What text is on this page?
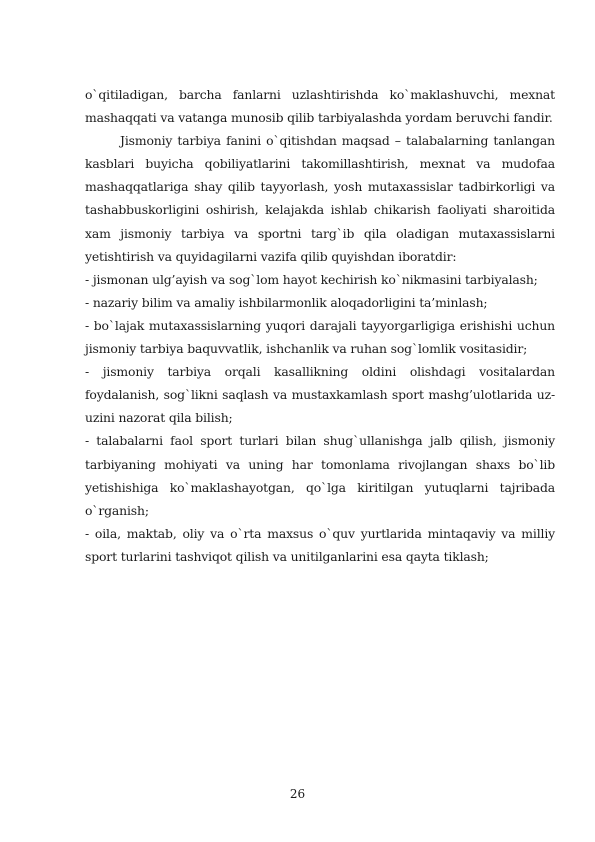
o`qitiladigan, barcha fanlarni uzlashtirishda ko`maklashuvchi, mexnat mashaqqati va vatanga munosib qilib tarbiyalashda yordam beruvchi fandir.

Jismoniy tarbiya fanini o`qitishdan maqsad – talabalarning tanlangan kasblari buyicha qobiliyatlarini takomillashtirish, mexnat va mudofaa mashaqqatlariga shay qilib tayyorlash, yosh mutaxassislar tadbirkorligi va tashabbuskorligini oshirish, kelajakda ishlab chikarish faoliyati sharoitida xam jismoniy tarbiya va sportni targ`ib qila oladigan mutaxassislarni yetishtirish va quyidagilarni vazifa qilib quyishdan iboratdir:

- jismonan ulg’ayish va sog`lom hayot kechirish ko`nikmasini tarbiyalash;

- nazariy bilim va amaliy ishbilarmonlik aloqadorligini ta’minlash;

- bo`lajak mutaxassislarning yuqori darajali tayyorgarligiga erishishi uchun jismoniy tarbiya baquvvatlik, ishchanlik va ruhan sog`lomlik vositasidir;

- jismoniy tarbiya orqali kasallikning oldini olishdagi vositalardan foydalanish, sog`likni saqlash va mustaxkamlash sport mashg’ulotlarida uz-uzini nazorat qila bilish;

- talabalarni faol sport turlari bilan shug`ullanishga jalb qilish, jismoniy tarbiyaning mohiyati va uning har tomonlama rivojlangan shaxs bo`lib yetishishiga ko`maklashayotgan, qo`lga kiritilgan yutuqlarni tajribada o`rganish;

- oila, maktab, oliy va o`rta maxsus o`quv yurtlarida mintaqaviy va milliy sport turlarini tashviqot qilish va unitilganlarini esa qayta tiklash;

26
